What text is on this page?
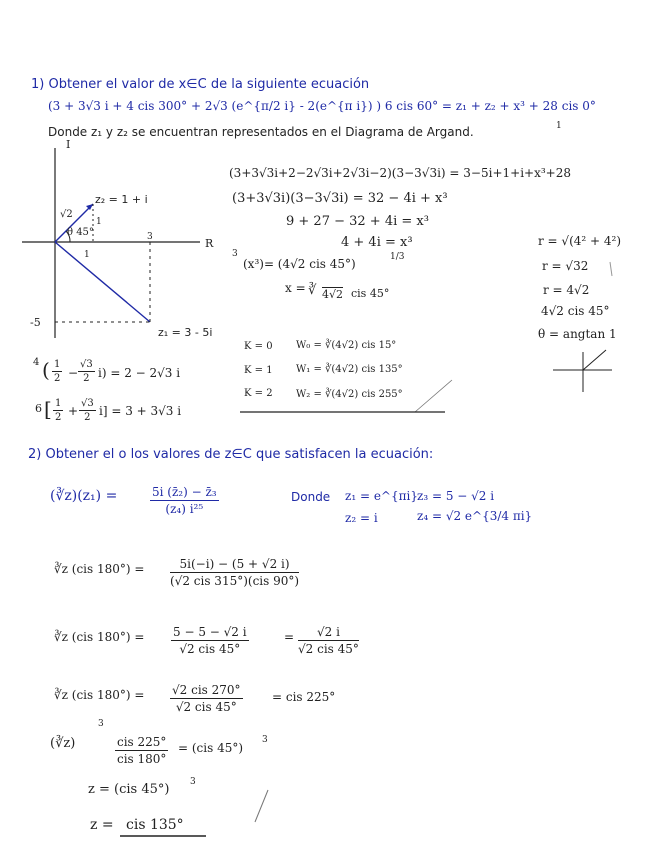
1) Obtener el valor de x∈C de la siguiente ecuación
(3 + 3√3 i + 4 cis 300° + 2√3 (e^{π/2 i} - 2(e^{π i}) ) 6 cis 60° = z₁ + z₂ + x³ + 28 cis 0°
1
Donde z₁ y z₂ se encuentran representados en el Diagrama de Argand.
I
R
z₂ = 1 + i
√2
θ 45°
1
1
3
-5
z₁ = 3 - 5i
4 ( $\frac{1}{2} - \frac{√3}{2} i) = 2 - 2√3$ i
6 [ $\frac{1}{2} + \frac{√3}{2} i] = 3 + 3√3$ i
(3+3√3i+2−2√3i+2√3i−2)(3−3√3i) = 3−5i+1+i+x³+28
(3+3√3i)(3−3√3i) = 32 − 4i + x³
9 + 27 − 32 + 4i = x³
4 + 4i = x³
3
(x³)= (4√2 cis 45°)	1/3
x = ∛ 4√2 cis 45°
r = √(4² + 4²)
r = √32
r = 4√2
4√2 cis 45°
θ = angtan 1
K = 0 W₀ = ∛(4√2) cis 15°
K = 1 W₁ = ∛(4√2) cis 135°
K = 2 W₂ = ∛(4√2) cis 255°
2) Obtener el o los valores de z∈C que satisfacen la ecuación:
(∛z)(z₁) =	$\frac{\text{5i (z̄₂) − z̄₃}}{\text{(z₄) i²⁵}}$	Donde z₁ = e^{πi} z₃ = 5 − √2 i
z₂ = i	z₄ = √2 e^{3/4 πi}
∛z (cis 180°) =	5i(−i) − (5 + √2 i)
(√2 cis 315°)(cis 90°)
∛z (cis 180°) = 5 − 5 − √2 i
√2 cis 45°
=	√2 i
√2 cis 45°
∛z (cis 180°) = √2 cis 270°
√2 cis 45°
= cis 225°
3
(∛z)	cis 225°
cis 180°
= (cis 45°)
3
z = (cis 45°) 3
z = cis 135°
